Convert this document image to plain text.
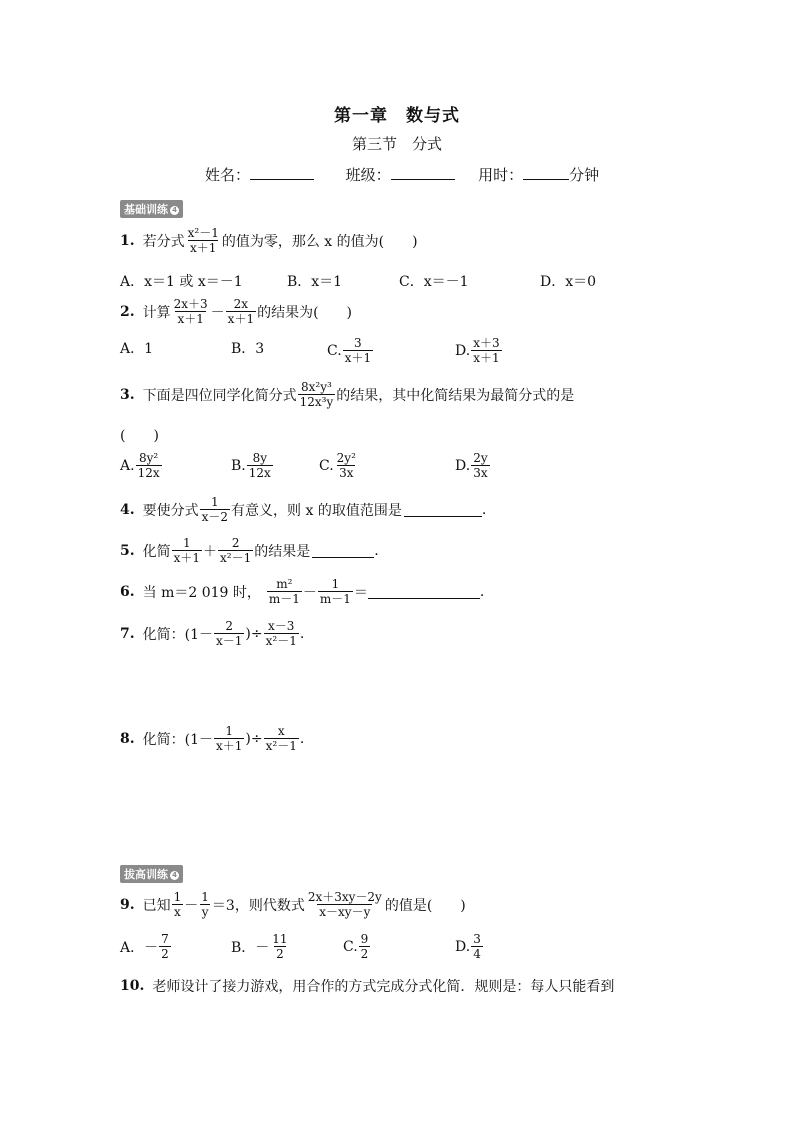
第一章　数与式
第三节　分式
姓名：	班级：	用时：	分钟
基础训练 4
1. 若分式 $\frac{\text{x²－1}}{x+1}$ 的值为零，那么 x 的值为(　　)
A．x＝1 或 x＝－1	B．x＝1	C．x＝－1	D．x＝0
2. 计算 $\frac{2x+3}{x+1} - \frac{2x}{x+1}$ 的结果为(　　)
A．1	B．3	C. $\frac{3}{x+1}$	D. $\frac{x+3}{x+1}$
3. 下面是四位同学化简分式 $\frac{\text{8x²y³}}{\text{12x³y}}$ 的结果，其中化简结果为最简分式的是
(　　)
A. $\frac{\text{8y²}}{12x}$	B. $\frac{8y}{12x}$	C. $\frac{\text{2y²}}{3x}$	D. $\frac{2y}{3x}$
4. 要使分式 $\frac{1}{x-2}$ 有意义，则 x 的取值范围是	.
5. 化简 $\frac{1}{x+1} + \frac{2}{\text{x²－1}}$ 的结果是	.
6. 当 m＝2 019 时， $\frac{\text{m²}}{m-1} - \frac{1}{m-1}$ ＝	.
7. 化简：($1- \frac{2}{x-1}$ )÷ $\frac{x-3}{\text{x²－1}}$ .
8. 化简：($1- \frac{1}{x+1}$ )÷ $\frac{x}{\text{x²－1}}$ .
拔高训练 4
9. 已知 $\frac{1}{x} - \frac{1}{y} =3$，则代数式 $\frac{2x+3xy-2y}{x-xy-y}$ 的值是(　　)
A．－ $\frac{7}{2}$	B．－ $\frac{11}{2}$	C. $\frac{9}{2}$	D. $\frac{3}{4}$
10. 老师设计了接力游戏，用合作的方式完成分式化简．规则是：每人只能看到
